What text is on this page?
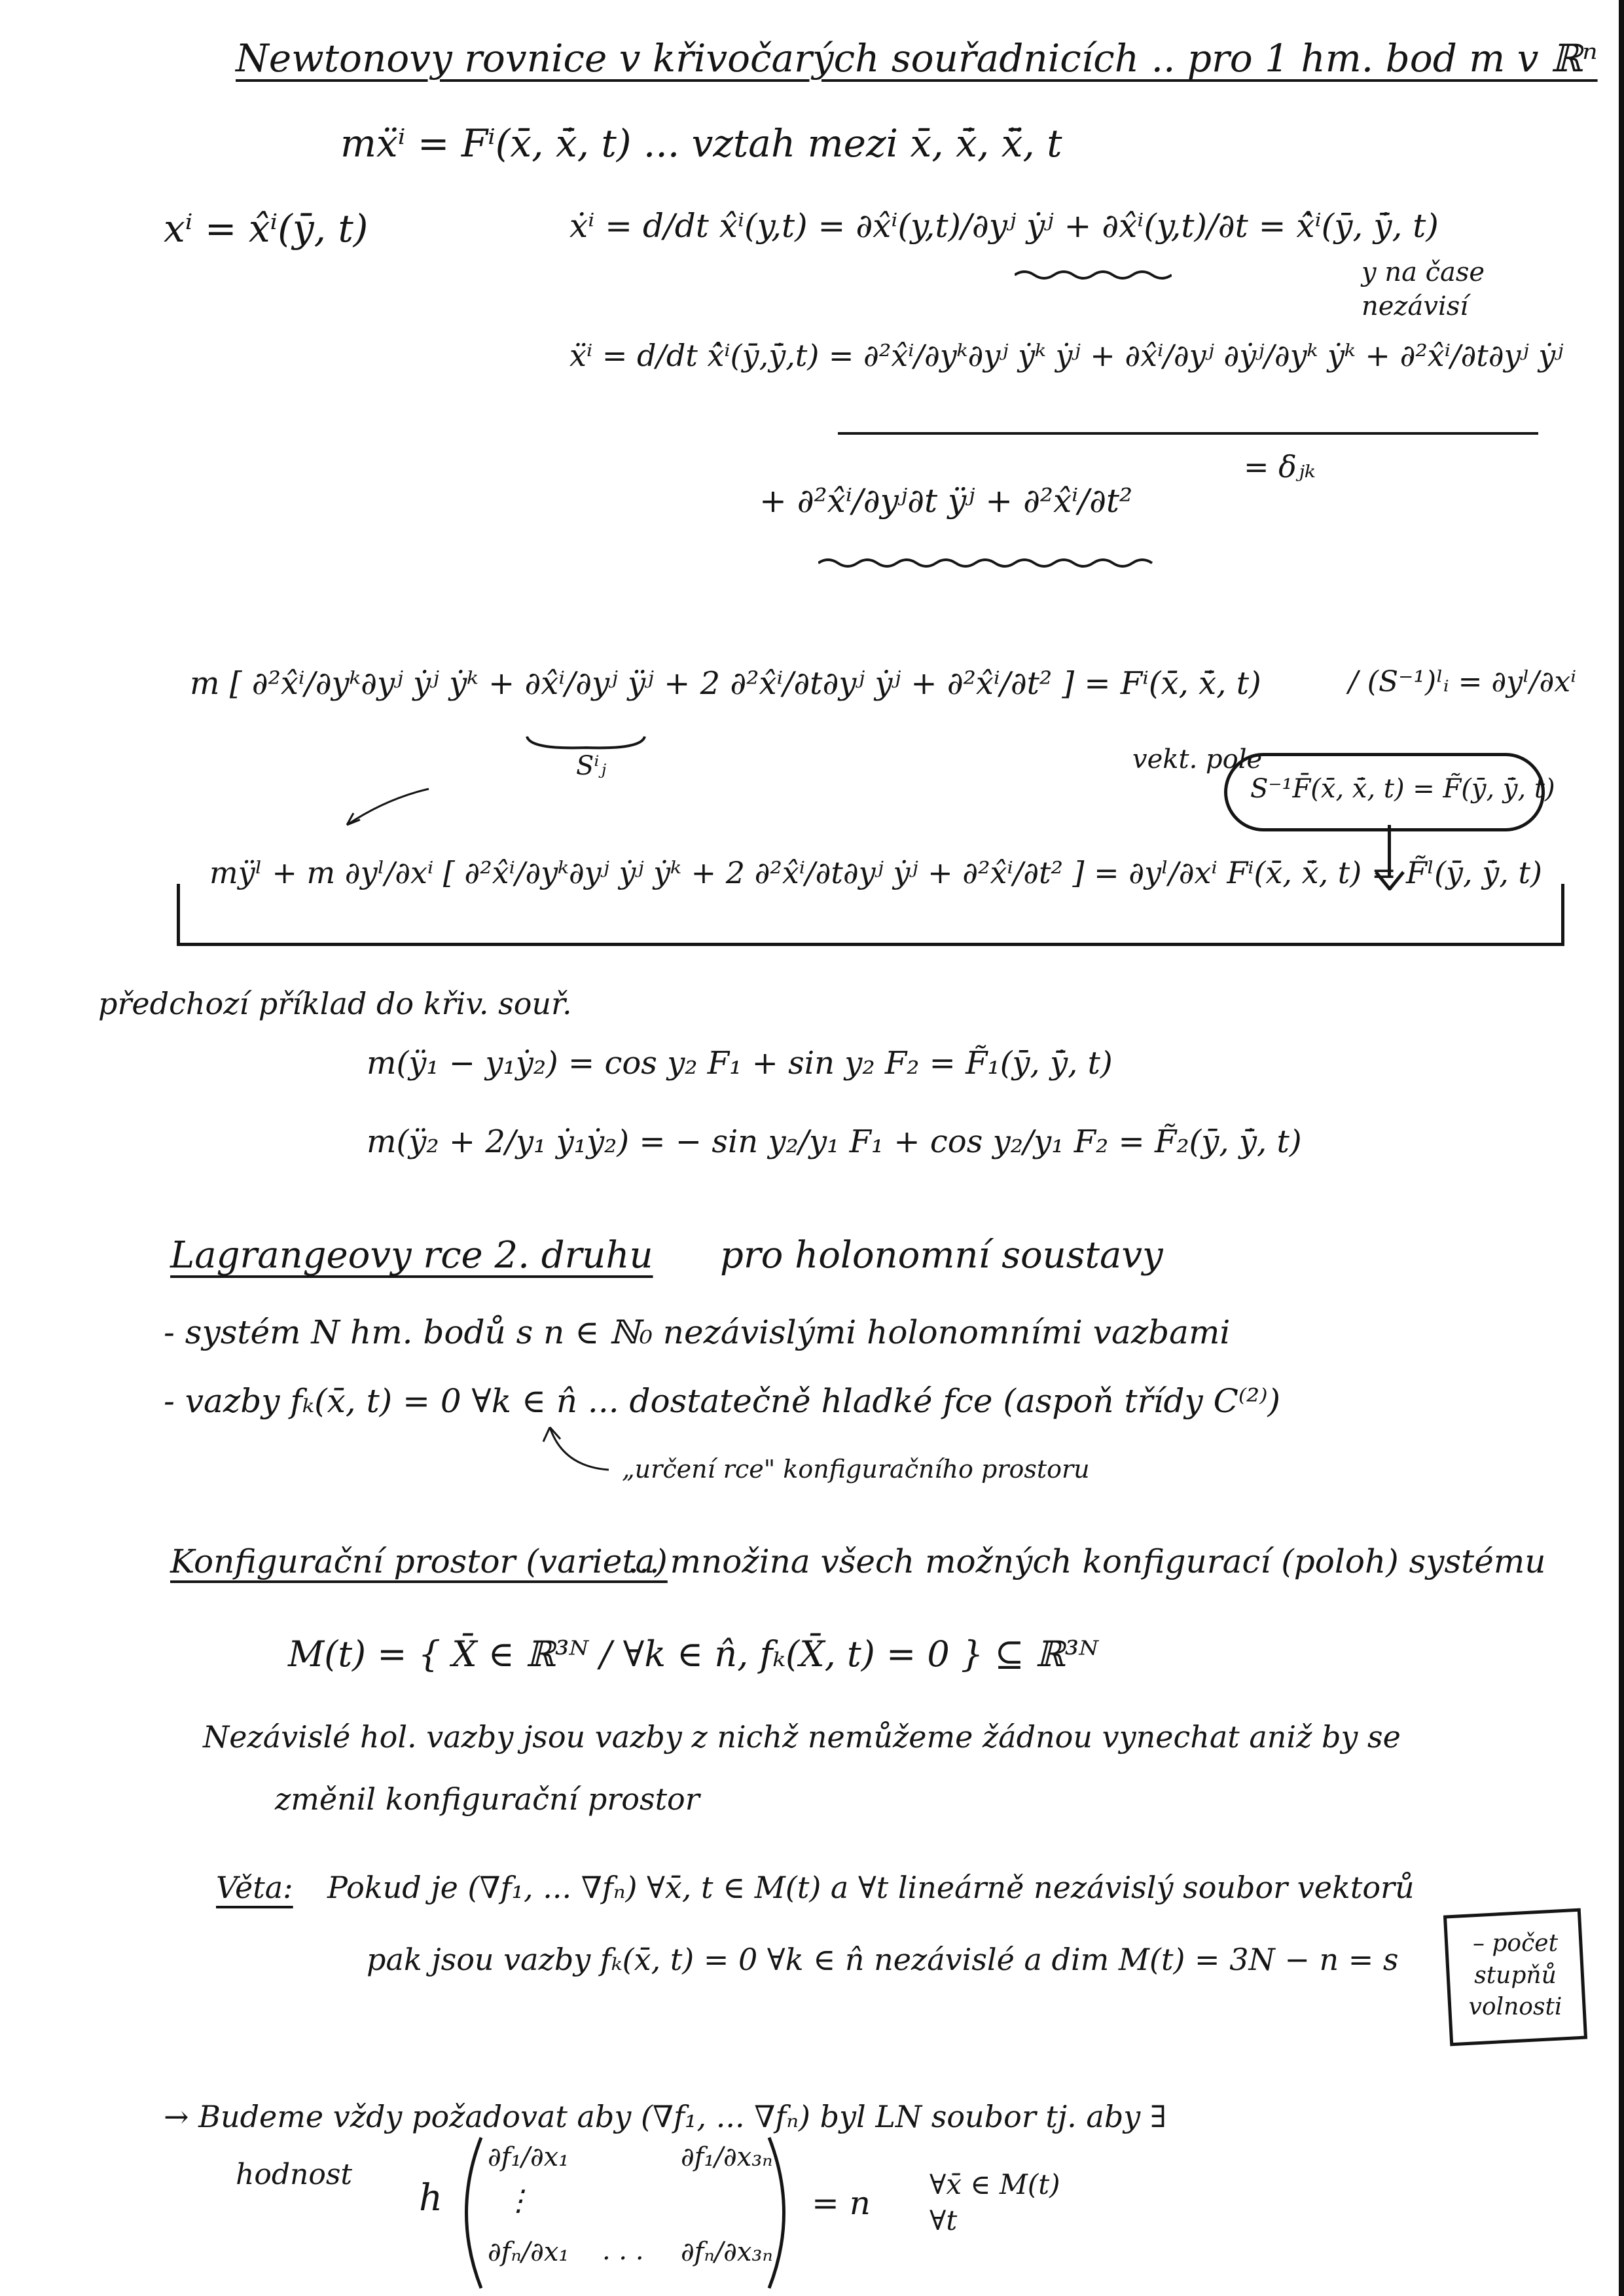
Newtonovy rovnice v křivočarých souřadnicích .. pro 1 hm. bod m v ℝⁿ
mẍⁱ = Fⁱ(x̄, ẋ̄, t) ... vztah mezi x̄, ẋ̄, ẍ̄, t
xⁱ = x̂ⁱ(ȳ, t)	ẋⁱ = d/dt x̂ⁱ(y,t) = ∂x̂ⁱ(y,t)/∂yʲ ẏʲ + ∂x̂ⁱ(y,t)/∂t = ẋ̂ⁱ(ȳ, ẏ̄, t)
y na čase nezávisí
ẍⁱ = d/dt ẋ̂ⁱ(ȳ,ẏ̄,t) = ∂²x̂ⁱ/∂yᵏ∂yʲ ẏᵏ ẏʲ + ∂x̂ⁱ/∂yʲ ∂ẏʲ/∂yᵏ ẏᵏ + ∂²x̂ⁱ/∂t∂yʲ ẏʲ
= δⱼₖ
+ ∂²x̂ⁱ/∂yʲ∂t ÿʲ + ∂²x̂ⁱ/∂t²
m [ ∂²x̂ⁱ/∂yᵏ∂yʲ ẏʲ ẏᵏ + ∂x̂ⁱ/∂yʲ ÿʲ + 2 ∂²x̂ⁱ/∂t∂yʲ ẏʲ + ∂²x̂ⁱ/∂t² ] = Fⁱ(x̄, ẋ̄, t)	/ (S⁻¹)ˡᵢ = ∂yˡ/∂xⁱ
Sⁱⱼ	vekt. pole
S⁻¹F̄(x̄, ẋ̄, t) = F̃(ȳ, ẏ̄, t)
mÿˡ + m ∂yˡ/∂xⁱ [ ∂²x̂ⁱ/∂yᵏ∂yʲ ẏʲ ẏᵏ + 2 ∂²x̂ⁱ/∂t∂yʲ ẏʲ + ∂²x̂ⁱ/∂t² ] = ∂yˡ/∂xⁱ Fⁱ(x̄, ẋ̄, t) = F̃ˡ(ȳ, ẏ̄, t)
předchozí příklad do křiv. souř.
m(ÿ₁ − y₁ẏ₂) = cos y₂ F₁ + sin y₂ F₂ = F̃₁(ȳ, ẏ̄, t)
m(ÿ₂ + 2/y₁ ẏ₁ẏ₂) = − sin y₂/y₁ F₁ + cos y₂/y₁ F₂ = F̃₂(ȳ, ẏ̄, t)
Lagrangeovy rce 2. druhu pro holonomní soustavy
- systém N hm. bodů s n ∈ ℕ₀ nezávislými holonomními vazbami
- vazby fₖ(x̄, t) = 0 ∀k ∈ n̂ ... dostatečně hladké fce (aspoň třídy C⁽²⁾)
„určení rce" konfiguračního prostoru
Konfigurační prostor (varieta)
... množina všech možných konfigurací (poloh) systému
M(t) = { X̄ ∈ ℝ³ᴺ / ∀k ∈ n̂, fₖ(X̄, t) = 0 } ⊆ ℝ³ᴺ
Nezávislé hol. vazby jsou vazby z nichž nemůžeme žádnou vynechat aniž by se
změnil konfigurační prostor
Věta: Pokud je (∇f₁, ... ∇fₙ) ∀x̄, t ∈ M(t) a ∀t lineárně nezávislý soubor vektorů
pak jsou vazby fₖ(x̄, t) = 0 ∀k ∈ n̂ nezávislé a dim M(t) = 3N − n = s	– počet stupňů volnosti
→ Budeme vždy požadovat aby (∇f₁, ... ∇fₙ) byl LN soubor tj. aby ∃
hodnost
h
∂f₁/∂x₁	∂f₁/∂x₃ₙ
⋮
· · ·
∂fₙ/∂x₁	∂fₙ/∂x₃ₙ
= n ∀x̄ ∈ M(t) ∀t
